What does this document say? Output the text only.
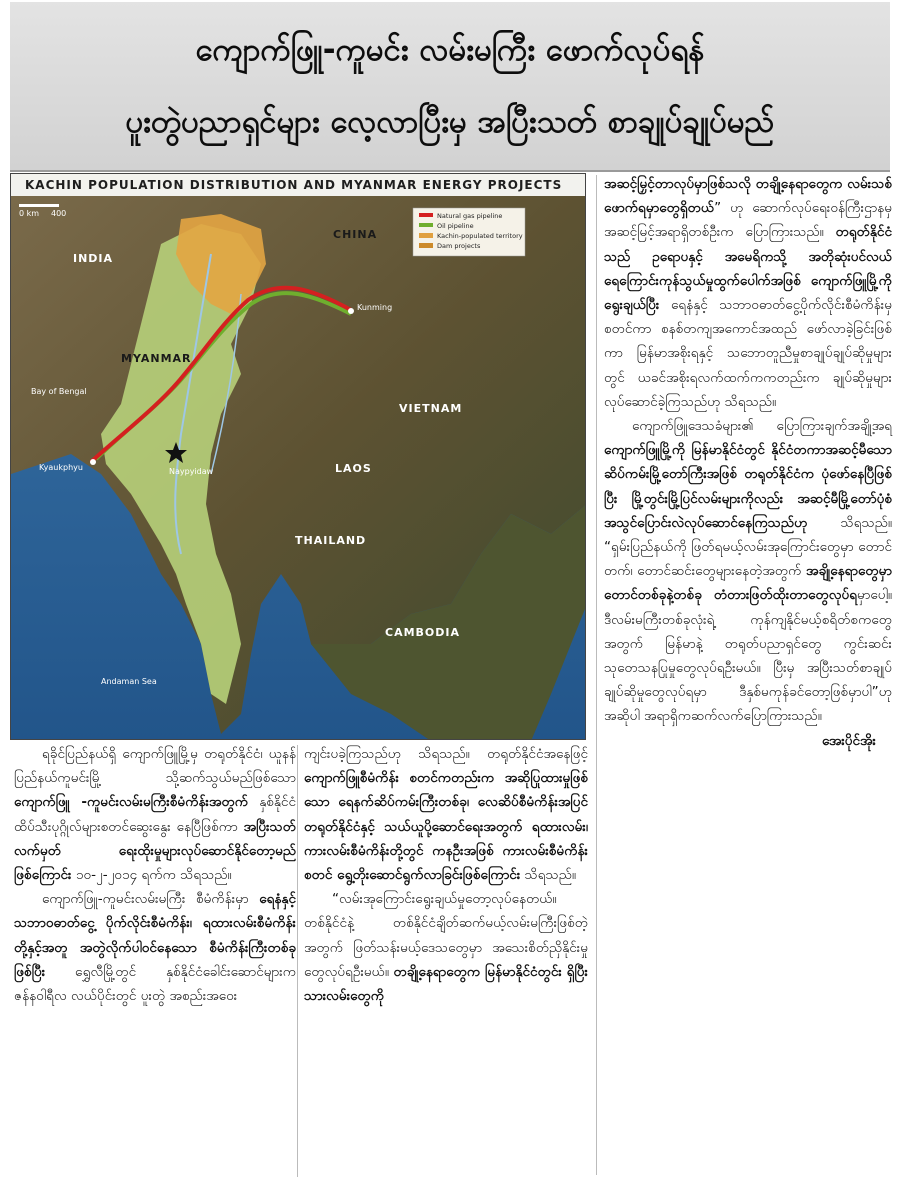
ကျောက်ဖြူ-ကူမင်း လမ်းမကြီး ဖောက်လုပ်ရန်
ပူးတွဲပညာရှင်များ လေ့လာပြီးမှ အပြီးသတ် စာချုပ်ချုပ်မည်
KACHIN POPULATION DISTRIBUTION AND MYANMAR ENERGY PROJECTS
Natural gas pipeline
Oil pipeline
Kachin-populated territory
Dam projects
0 km 400
INDIA
CHINA
MYANMAR
VIETNAM
LAOS
THAILAND
CAMBODIA
Kunming
Naypyidaw
Kyaukphyu
Andaman Sea
Bay of Bengal

ရခိုင်ပြည်နယ်ရှိ ကျောက်ဖြူမြို့မှ တရုတ်နိုင်ငံ၊ ယူနန်ပြည်နယ်ကူမင်းမြို့ သို့ဆက်သွယ်မည်ဖြစ်သော ကျောက်ဖြူ -ကူမင်းလမ်းမကြီးစီမံကိန်းအတွက် နှစ်နိုင်ငံ ထိပ်သီးပုဂ္ဂိုလ်များစတင်ဆွေးနွေး နေပြီဖြစ်ကာ အပြီးသတ်လက်မှတ် ရေးထိုးမှုများလုပ်ဆောင်နိုင်တော့မည်ဖြစ်ကြောင်း ၁၀-၂-၂၀၁၄ ရက်က သိရသည်။

ကျောက်ဖြူ-ကူမင်းလမ်းမကြီး စီမံကိန်းမှာ ရေနံနှင့် သဘာဝဓာတ်ငွေ့ ပိုက်လိုင်းစီမံကိန်း၊ ရထားလမ်းစီမံကိန်းတို့နှင့်အတူ အတွဲလိုက်ပါဝင်နေသော စီမံကိန်းကြီးတစ်ခုဖြစ်ပြီး ရွှေလီမြို့တွင် နှစ်နိုင်ငံခေါင်းဆောင်များက ဇန်နဝါရီလ လယ်ပိုင်းတွင် ပူးတွဲ အစည်းအဝေး

ကျင်းပခဲ့ကြသည်ဟု သိရသည်။ တရုတ်နိုင်ငံအနေဖြင့် ကျောက်ဖြူစီမံကိန်း စတင်ကတည်းက အဆိုပြုထားမှုဖြစ်သော ရေနက်ဆိပ်ကမ်းကြီးတစ်ခု၊ လေဆိပ်စီမံကိန်းအပြင် တရုတ်နိုင်ငံနှင့် သယ်ယူပို့ဆောင်ရေးအတွက် ရထားလမ်း၊ ကားလမ်းစီမံကိန်းတို့တွင် ကနဦးအဖြစ် ကားလမ်းစီမံကိန်းစတင် ရွေ့တိုးဆောင်ရွက်လာခြင်းဖြစ်ကြောင်း သိရသည်။

“လမ်းအုကြောင်းရွေးချယ်မှုတော့လုပ်နေတယ်။ တစ်နိုင်ငံနဲ့ တစ်နိုင်ငံချိတ်ဆက်မယ့်လမ်းမကြီးဖြစ်တဲ့အတွက် ဖြတ်သန်းမယ့်ဒေသတွေမှာ အသေးစိတ်ညှိနိုင်းမှုတွေလုပ်ရဦးမယ်။ တချို့နေရာတွေက မြန်မာနိုင်ငံတွင်း ရှိပြီးသားလမ်းတွေကို

အဆင့်မြှင့်တာလုပ်မှာဖြစ်သလို တချို့နေရာတွေက လမ်းသစ်ဖောက်ရမှာတွေရှိတယ်” ဟု ဆောက်လုပ်ရေးဝန်ကြီးဌာနမှ အဆင့်မြင့်အရာရှိတစ်ဦးက ပြောကြားသည်။ တရုတ်နိုင်ငံသည် ဥရောပနှင့် အမေရိကသို့ အတိုဆုံးပင်လယ်ရေကြောင်းကုန်သွယ်မှုထွက်ပေါက်အဖြစ် ကျောက်ဖြူမြို့ကို ရွေးချယ်ပြီး ရေနံနှင့် သဘာဝဓာတ်ငွေ့ပိုက်လိုင်းစီမံကိန်းမှ စတင်ကာ စနစ်တကျအကောင်အထည် ဖော်လာခဲ့ခြင်းဖြစ်ကာ မြန်မာအစိုးရနှင့် သဘောတူညီမှုစာချုပ်ချုပ်ဆိုမှုများတွင် ယခင်အစိုးရလက်ထက်ကကတည်းက ချုပ်ဆိုမှုများလုပ်ဆောင်ခဲ့ကြသည်ဟု သိရသည်။

ကျောက်ဖြူဒေသခံများ၏ ပြောကြားချက်အချို့အရ ကျောက်ဖြူမြို့ကို မြန်မာနိုင်ငံတွင် နိုင်ငံတကာအဆင့်မီသော ဆိပ်ကမ်းမြို့တော်ကြီးအဖြစ် တရုတ်နိုင်ငံက ပုံဖော်နေပြီဖြစ်ပြီး မြို့တွင်းမြို့ပြင်လမ်းများကိုလည်း အဆင့်မီမြို့တော်ပုံစံအသွင်ပြောင်းလဲလုပ်ဆောင်နေကြသည်ဟု သိရသည်။ “ရှမ်းပြည်နယ်ကို ဖြတ်ရမယ့်လမ်းအုကြောင်းတွေမှာ တောင်တက်၊ တောင်ဆင်းတွေများနေတဲ့အတွက် အချို့နေရာတွေမှာ တောင်တစ်ခုနဲ့တစ်ခု တံတားဖြတ်ထိုးတာတွေလုပ်ရမှာပေါ့။ ဒီလမ်းမကြီးတစ်ခုလုံးရဲ့ ကုန်ကျနိုင်မယ့်စရိတ်စကတွေအတွက် မြန်မာနဲ့ တရုတ်ပညာရှင်တွေ ကွင်းဆင်းသုတေသနပြုမှုတွေလုပ်ရဦးမယ်။ ပြီးမှ အပြီးသတ်စာချုပ်ချုပ်ဆိုမှုတွေလုပ်ရမှာ ဒီနှစ်မကုန်ခင်တော့ဖြစ်မှာပါ”ဟု အဆိုပါ အရာရှိကဆက်လက်ပြောကြားသည်။

အေးပိုင်အိုး
